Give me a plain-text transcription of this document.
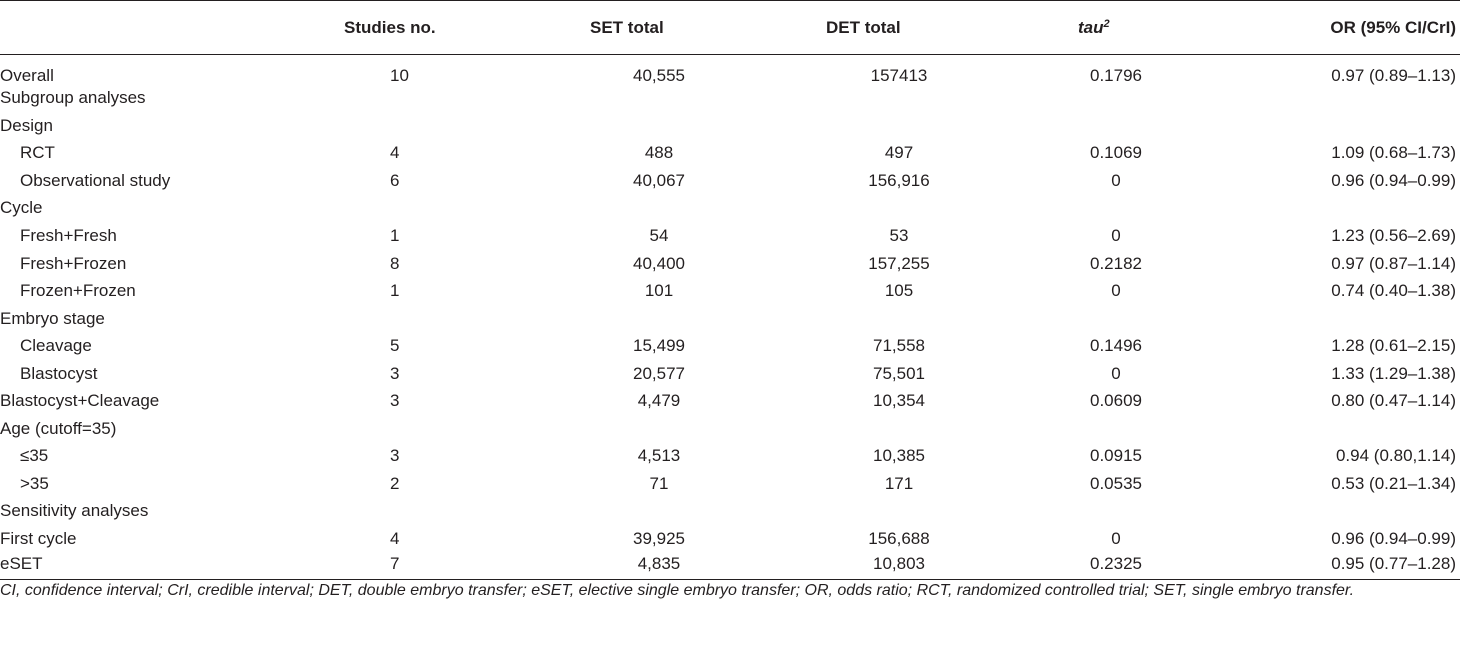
	Studies no.	SET total	DET total	tau$^2$	OR (95% CI/CrI)
Overall	10	40,555	157413	0.1796	0.97 (0.89–1.13)
Subgroup analyses					
Design					
RCT	4	488	497	0.1069	1.09 (0.68–1.73)
Observational study	6	40,067	156,916	0	0.96 (0.94–0.99)
Cycle					
Fresh+Fresh	1	54	53	0	1.23 (0.56–2.69)
Fresh+Frozen	8	40,400	157,255	0.2182	0.97 (0.87–1.14)
Frozen+Frozen	1	101	105	0	0.74 (0.40–1.38)
Embryo stage					
Cleavage	5	15,499	71,558	0.1496	1.28 (0.61–2.15)
Blastocyst	3	20,577	75,501	0	1.33 (1.29–1.38)
Blastocyst+Cleavage	3	4,479	10,354	0.0609	0.80 (0.47–1.14)
Age (cutoff=35)					
≤35	3	4,513	10,385	0.0915	0.94 (0.80,1.14)
>35	2	71	171	0.0535	0.53 (0.21–1.34)
Sensitivity analyses					
First cycle	4	39,925	156,688	0	0.96 (0.94–0.99)
eSET	7	4,835	10,803	0.2325	0.95 (0.77–1.28)
CI, confidence interval; CrI, credible interval; DET, double embryo transfer; eSET, elective single embryo transfer; OR, odds ratio; RCT, randomized controlled trial; SET, single embryo transfer.
